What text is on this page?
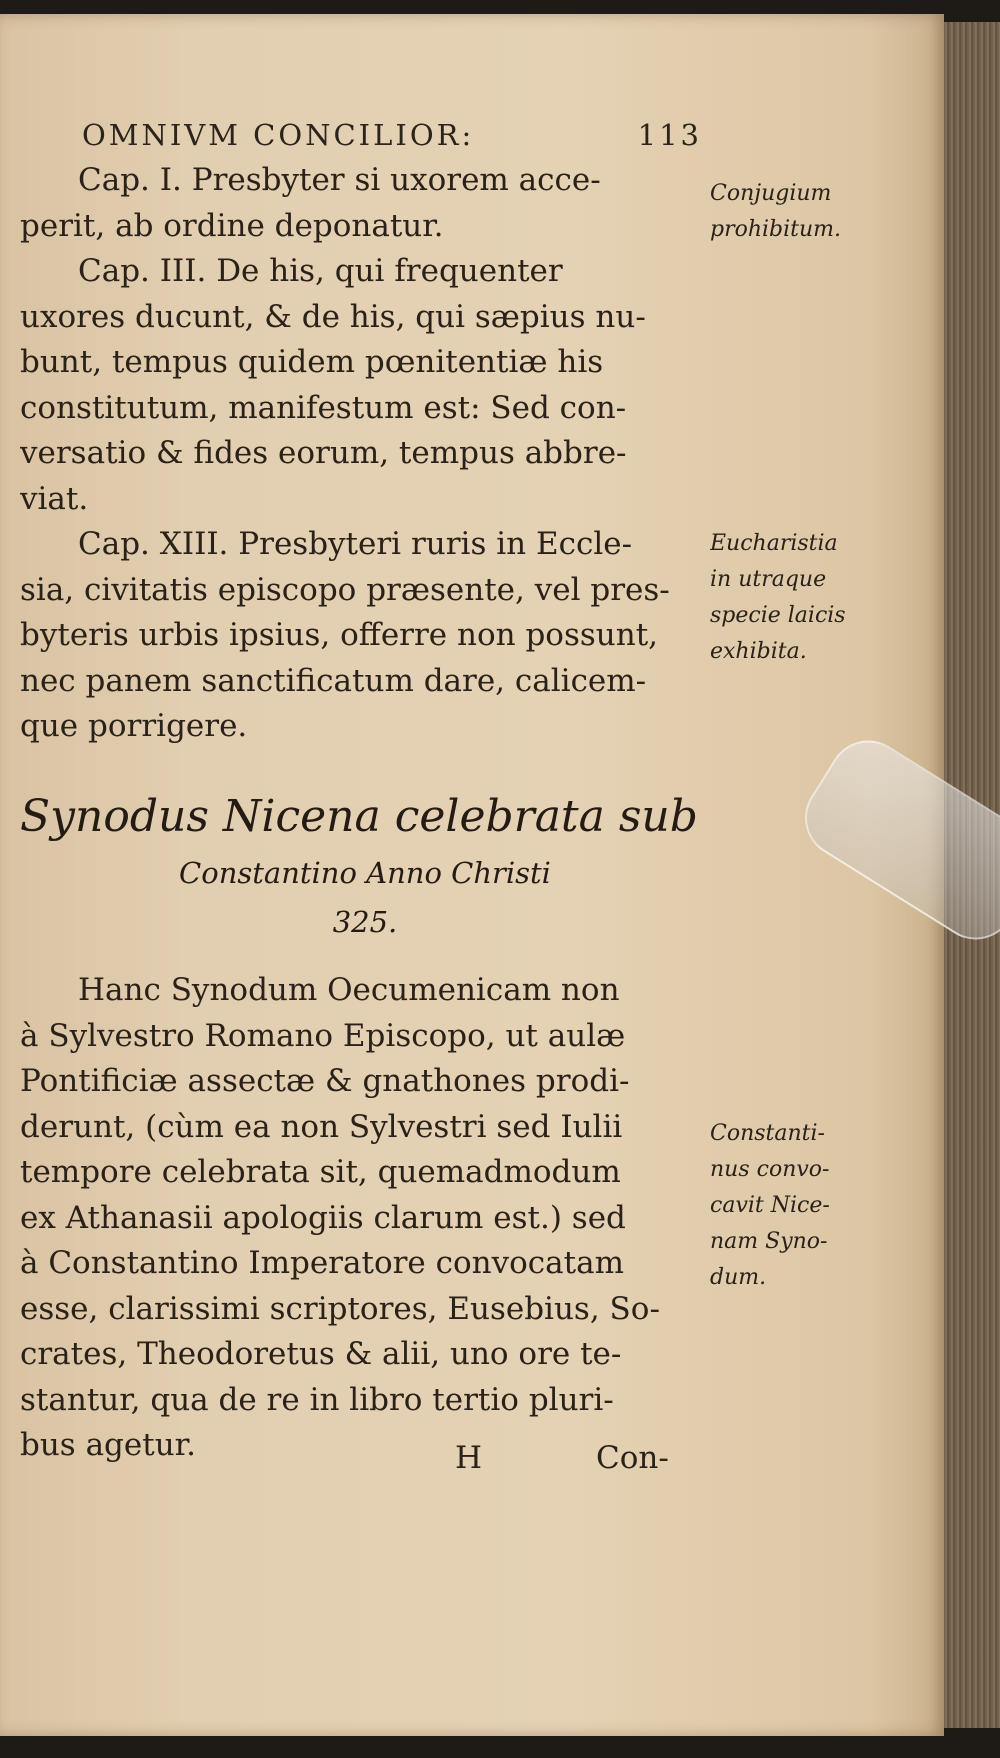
OMNIVM CONCILIOR:	113
Cap. I. Presbyter si uxorem acce-
perit, ab ordine deponatur.
Cap. III. De his, qui frequenter
uxores ducunt, & de his, qui sæpius nu-
bunt, tempus quidem pœnitentiæ his
constitutum, manifestum est: Sed con-
versatio & fides eorum, tempus abbre-
viat.
Cap. XIII. Presbyteri ruris in Eccle-
sia, civitatis episcopo præsente, vel pres-
byteris urbis ipsius, offerre non possunt,
nec panem sanctificatum dare, calicem-
que porrigere.
Synodus Nicena celebrata sub
Constantino Anno Christi
325.
Hanc Synodum Oecumenicam non
à Sylvestro Romano Episcopo, ut aulæ
Pontificiæ assectæ & gnathones prodi-
derunt, (cùm ea non Sylvestri sed Iulii
tempore celebrata sit, quemadmodum
ex Athanasii apologiis clarum est.) sed
à Constantino Imperatore convocatam
esse, clarissimi scriptores, Eusebius, So-
crates, Theodoretus & alii, uno ore te-
stantur, qua de re in libro tertio pluri-
bus agetur.
Conjugium
prohibitum.
Eucharistia
in utraque
specie laicis
exhibita.
Constanti-
nus convo-
cavit Nice-
nam Syno-
dum.
H	Con-
